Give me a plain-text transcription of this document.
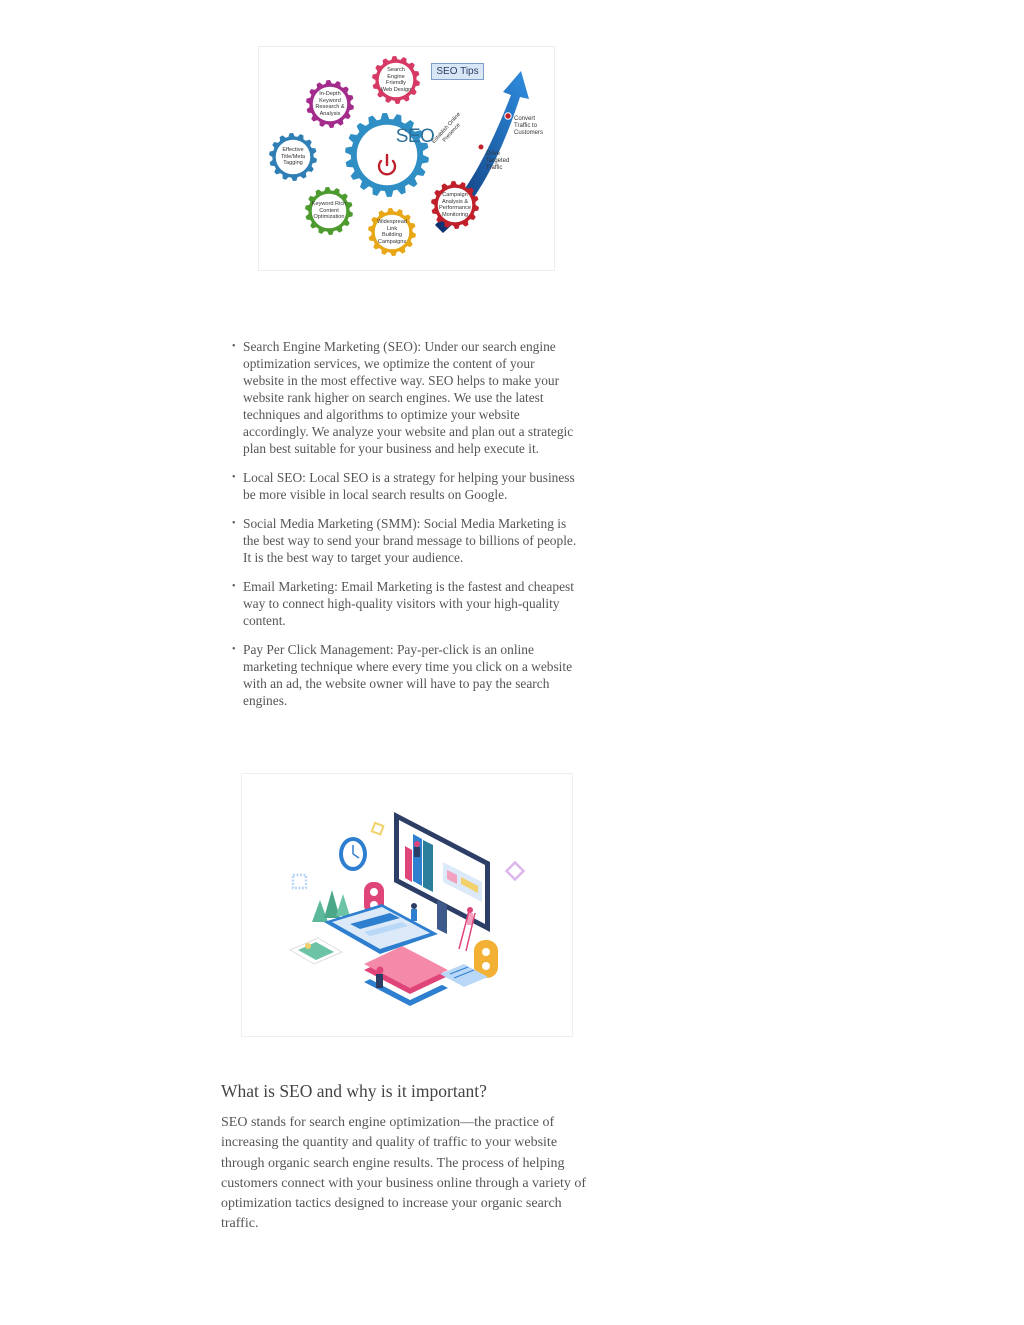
SEO Tips
SEO
Search
Engine
Friendly
Web Design
In-Depth
Keyword
Research &
Analysis
Effective
Title/Meta
Tagging
Keyword Rich
Content
Optimization
Widespread
Link
Building
Campaigns
Campaign
Analysis &
Performance
Monitoring
Establish Online
Presence
Drive
Targeted
Traffic
Convert
Traffic to
Customers
• Search Engine Marketing (SEO): Under our search engine optimization services, we optimize the content of your website in the most effective way. SEO helps to make your website rank higher on search engines. We use the latest techniques and algorithms to optimize your website accordingly. We analyze your website and plan out a strategic plan best suitable for your business and help execute it.
• Local SEO: Local SEO is a strategy for helping your business be more visible in local search results on Google.
• Social Media Marketing (SMM): Social Media Marketing is the best way to send your brand message to billions of people. It is the best way to target your audience.
• Email Marketing: Email Marketing is the fastest and cheapest way to connect high-quality visitors with your high-quality content.
• Pay Per Click Management: Pay-per-click is an online marketing technique where every time you click on a website with an ad, the website owner will have to pay the search engines.
What is SEO and why is it important?

SEO stands for search engine optimization—the practice of increasing the quantity and quality of traffic to your website through organic search engine results. The process of helping customers connect with your business online through a variety of optimization tactics designed to increase your organic search traffic.
